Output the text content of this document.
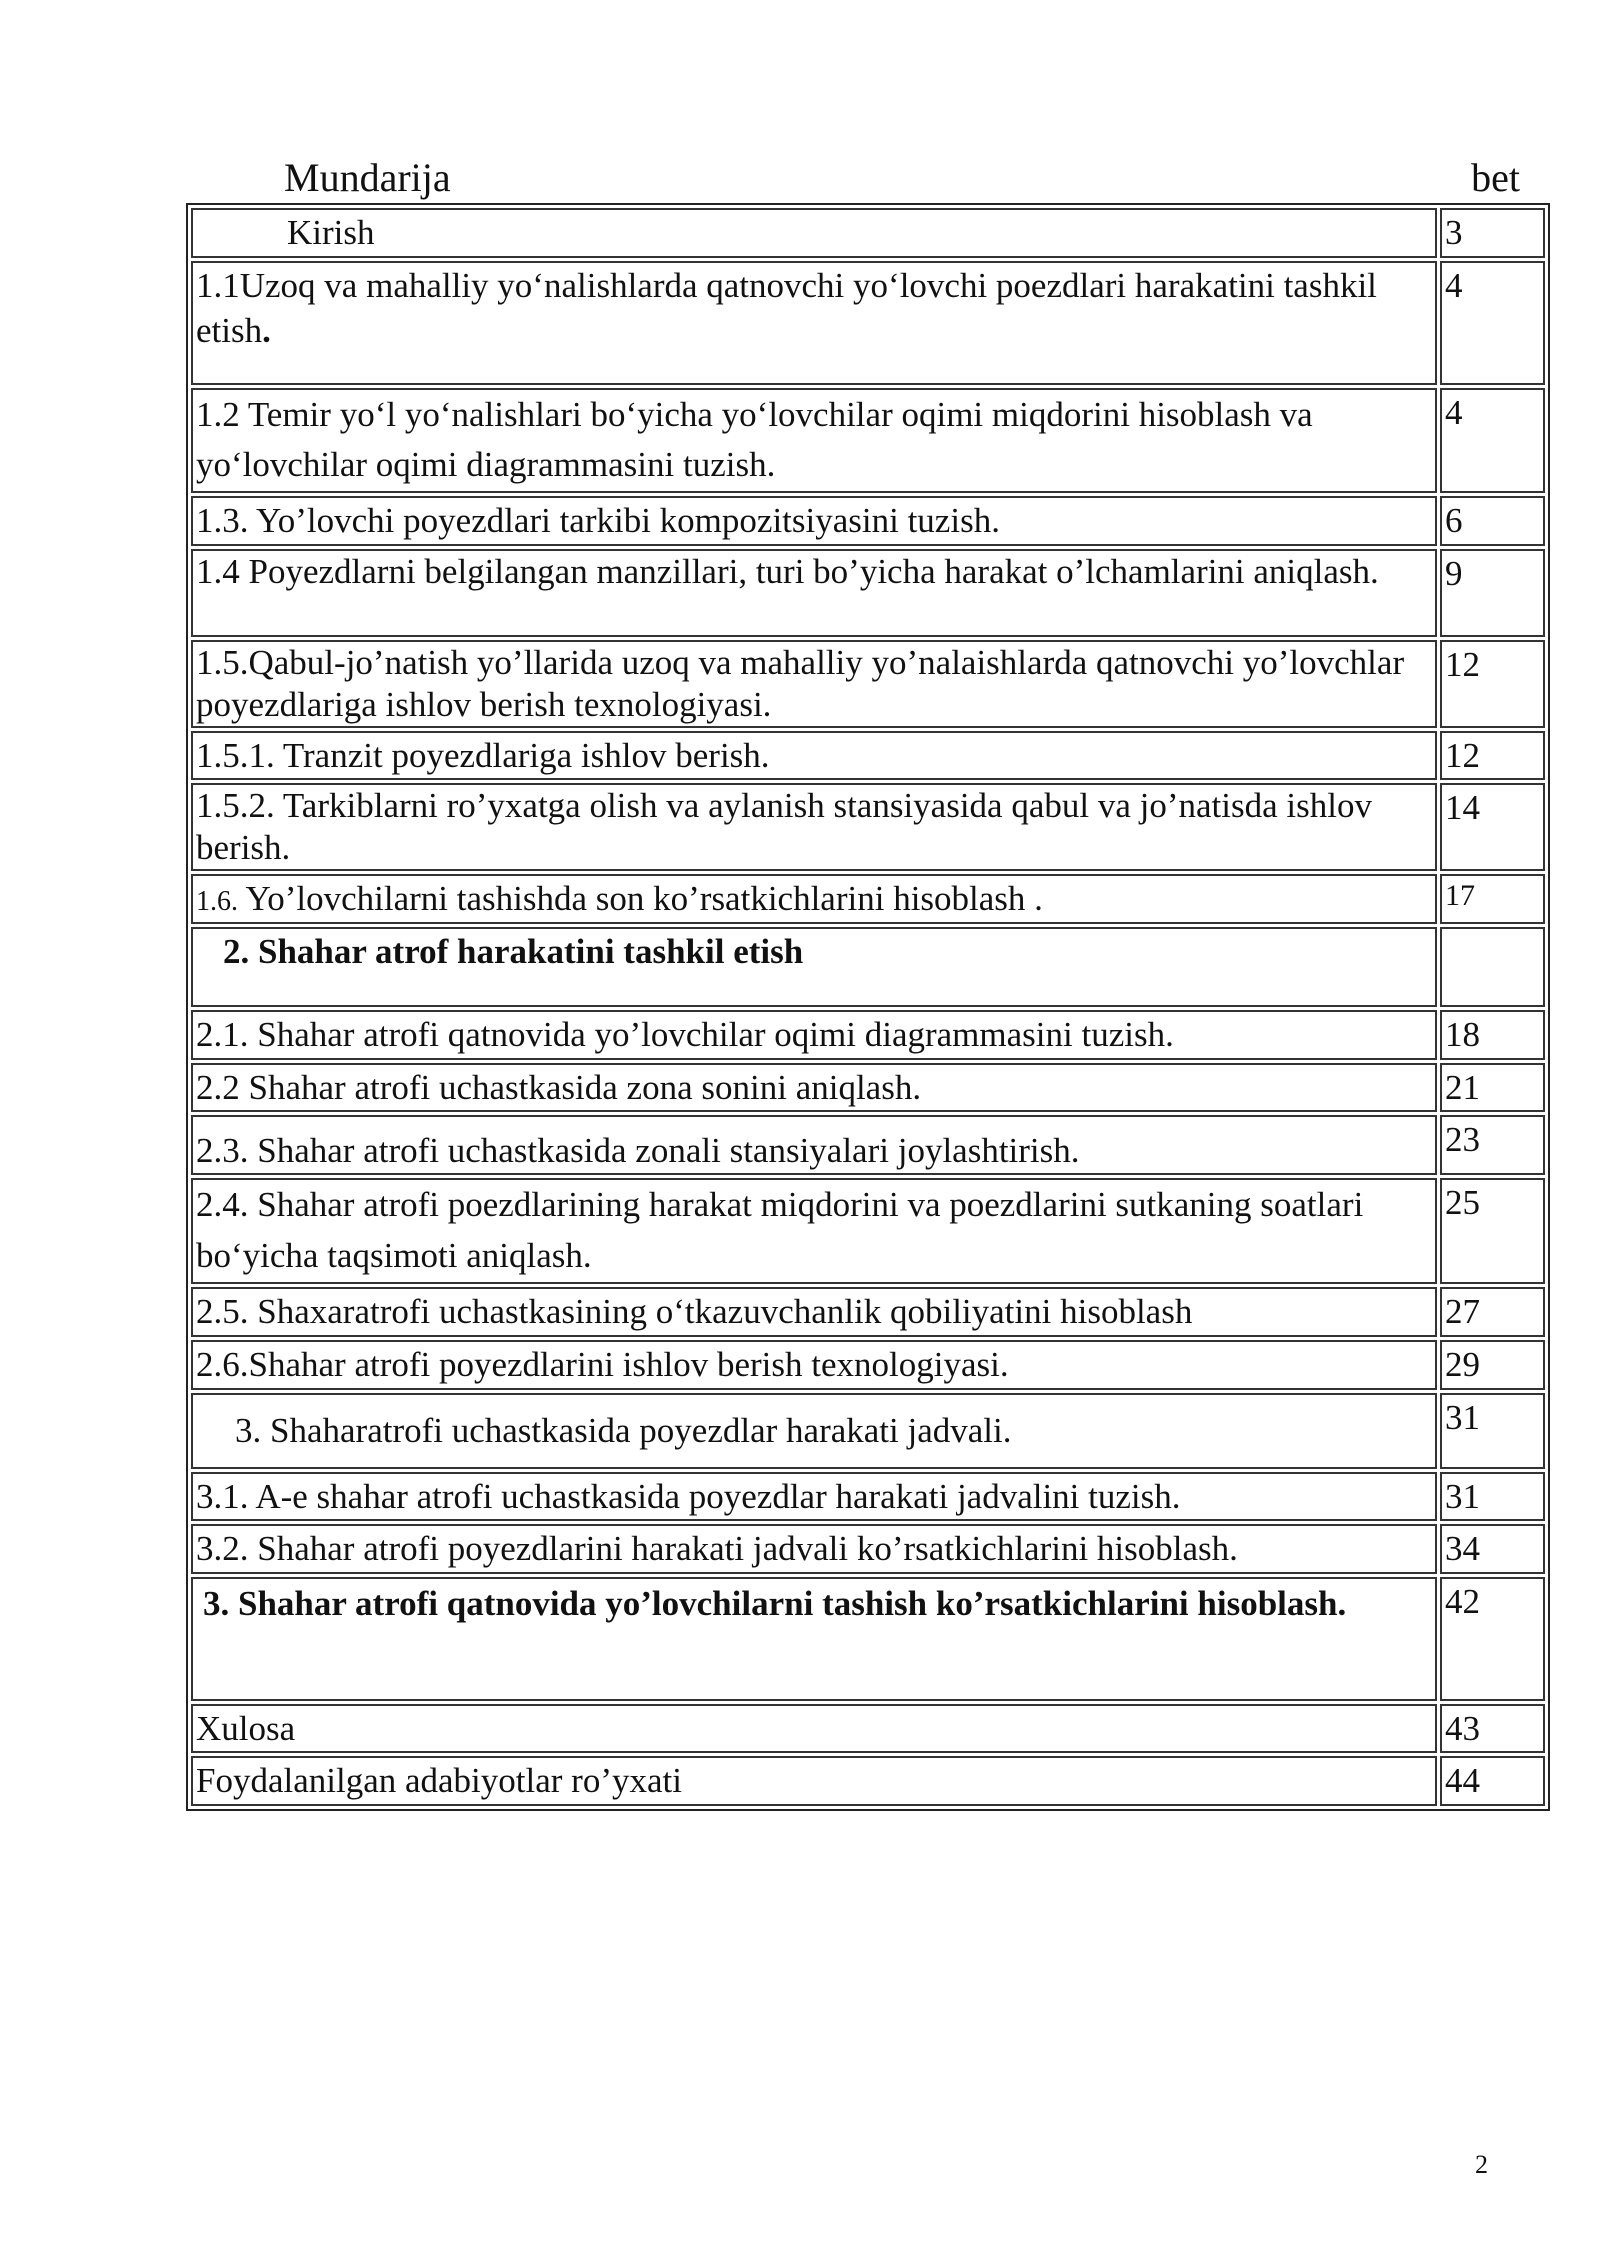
Mundarija	bet
Kirish	3
1.1Uzoq va mahalliy yo‘nalishlarda qatnovchi yo‘lovchi poezdlari harakatini tashkil etish.	4
1.2 Temir yo‘l yo‘nalishlari bo‘yicha yo‘lovchilar oqimi miqdorini hisoblash va yo‘lovchilar oqimi diagrammasini tuzish.	4
1.3. Yo’lovchi poyezdlari tarkibi kompozitsiyasini tuzish.	6
1.4 Poyezdlarni belgilangan manzillari, turi bo’yicha harakat o’lchamlarini aniqlash.	9
1.5.Qabul-jo’natish yo’llarida uzoq va mahalliy yo’nalaishlarda qatnovchi yo’lovchlar poyezdlariga ishlov berish texnologiyasi.	12
1.5.1. Tranzit poyezdlariga ishlov berish.	12
1.5.2. Tarkiblarni ro’yxatga olish va aylanish stansiyasida qabul va jo’natisda ishlov berish.	14
1.6. Yo’lovchilarni tashishda son ko’rsatkichlarini hisoblash .	17
2. Shahar atrof harakatini tashkil etish	
2.1. Shahar atrofi qatnovida yo’lovchilar oqimi diagrammasini tuzish.	18
2.2 Shahar atrofi uchastkasida zona sonini aniqlash.	21
2.3. Shahar atrofi uchastkasida zonali stansiyalari joylashtirish.	23
2.4. Shahar atrofi poezdlarining harakat miqdorini va poezdlarini sutkaning soatlari bo‘yicha taqsimoti aniqlash.	25
2.5. Shaxaratrofi uchastkasining o‘tkazuvchanlik qobiliyatini hisoblash	27
2.6.Shahar atrofi poyezdlarini ishlov berish texnologiyasi.	29
3. Shaharatrofi uchastkasida poyezdlar harakati jadvali.	31
3.1. A-e shahar atrofi uchastkasida poyezdlar harakati jadvalini tuzish.	31
3.2. Shahar atrofi poyezdlarini harakati jadvali ko’rsatkichlarini hisoblash.	34

3. Shahar atrofi qatnovida yo’lovchilarni tashish ko’rsatkichlarini hisoblash.	42
Xulosa	43
Foydalanilgan adabiyotlar ro’yxati	44
2
